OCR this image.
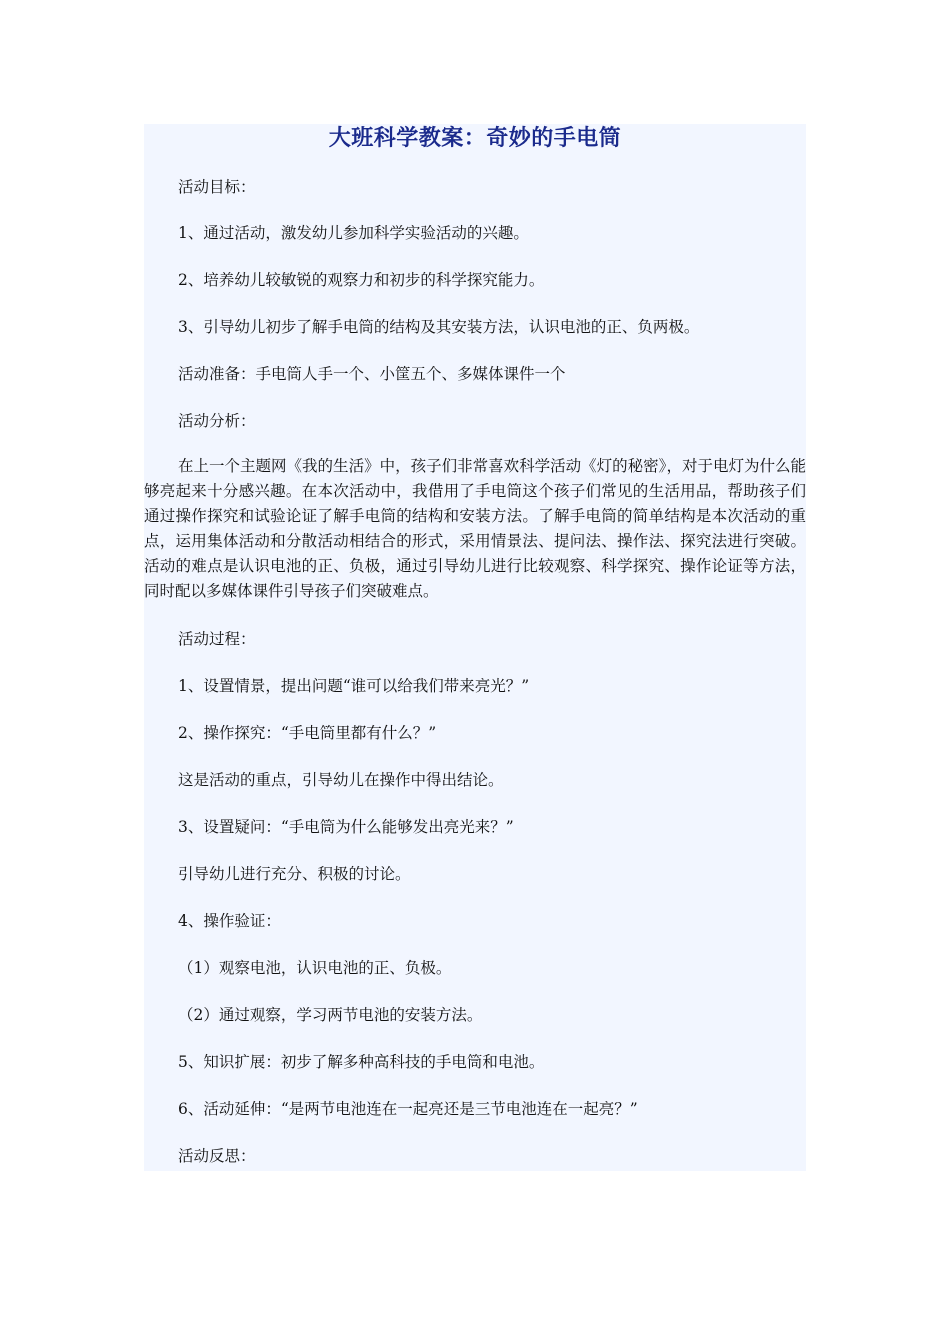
大班科学教案：奇妙的手电筒

活动目标：

1、通过活动，激发幼儿参加科学实验活动的兴趣。

2、培养幼儿较敏锐的观察力和初步的科学探究能力。

3、引导幼儿初步了解手电筒的结构及其安装方法，认识电池的正、负两极。

活动准备：手电筒人手一个、小筐五个、多媒体课件一个

活动分析：

在上一个主题网《我的生活》中，孩子们非常喜欢科学活动《灯的秘密》，对于电灯为什么能够亮起来十分感兴趣。在本次活动中，我借用了手电筒这个孩子们常见的生活用品，帮助孩子们通过操作探究和试验论证了解手电筒的结构和安装方法。了解手电筒的简单结构是本次活动的重点，运用集体活动和分散活动相结合的形式，采用情景法、提问法、操作法、探究法进行突破。活动的难点是认识电池的正、负极，通过引导幼儿进行比较观察、科学探究、操作论证等方法，同时配以多媒体课件引导孩子们突破难点。

活动过程：

1、设置情景，提出问题“谁可以给我们带来亮光？”

2、操作探究：“手电筒里都有什么？”

这是活动的重点，引导幼儿在操作中得出结论。

3、设置疑问：“手电筒为什么能够发出亮光来？”

引导幼儿进行充分、积极的讨论。

4、操作验证：

（1）观察电池，认识电池的正、负极。

（2）通过观察，学习两节电池的安装方法。

5、知识扩展：初步了解多种高科技的手电筒和电池。

6、活动延伸：“是两节电池连在一起亮还是三节电池连在一起亮？”

活动反思：
